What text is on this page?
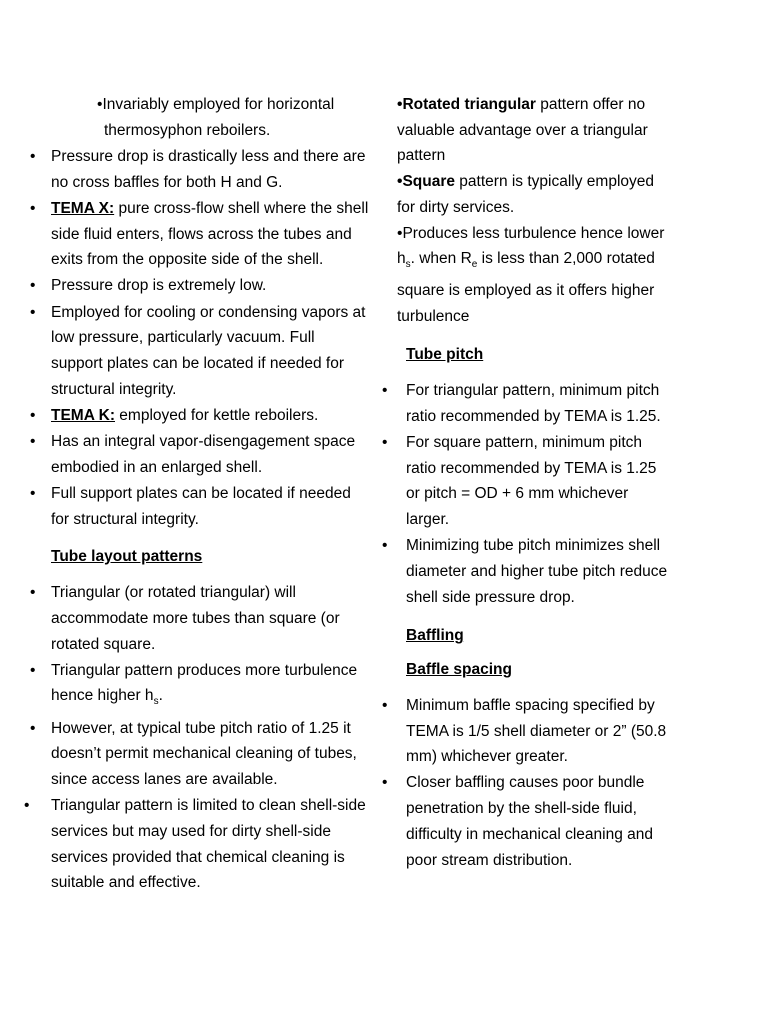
• Invariably employed for horizontal
thermosyphon reboilers.
• Pressure drop is drastically less and there are no cross baffles for both H and G.
• TEMA X: pure cross-flow shell where the shell side fluid enters, flows across the tubes and exits from the opposite side of the shell.
• Pressure drop is extremely low.
• Employed for cooling or condensing vapors at low pressure, particularly vacuum. Full support plates can be located if needed for structural integrity.
• TEMA K: employed for kettle reboilers.
• Has an integral vapor-disengagement space embodied in an enlarged shell.
• Full support plates can be located if needed for structural integrity.
Tube layout patterns
• Triangular (or rotated triangular) will accommodate more tubes than square (or rotated square.
• Triangular pattern produces more turbulence hence higher $h_s$.
• However, at typical tube pitch ratio of 1.25 it doesn’t permit mechanical cleaning of tubes, since access lanes are available.
• Triangular pattern is limited to clean shell-side services but may used for dirty shell-side services provided that chemical cleaning is suitable and effective.
• Rotated triangular pattern offer no valuable advantage over a triangular pattern
• Square pattern is typically employed for dirty services.
• Produces less turbulence hence lower $h_s$. when $R_e$ is less than 2,000 rotated square is employed as it offers higher turbulence
Tube pitch
• For triangular pattern, minimum pitch ratio recommended by TEMA is 1.25.
• For square pattern, minimum pitch ratio recommended by TEMA is 1.25 or pitch = OD + 6 mm whichever larger.
• Minimizing tube pitch minimizes shell diameter and higher tube pitch reduce shell side pressure drop.
Baffling
Baffle spacing
• Minimum baffle spacing specified by TEMA is 1/5 shell diameter or 2” (50.8 mm) whichever greater.
• Closer baffling causes poor bundle penetration by the shell-side fluid, difficulty in mechanical cleaning and poor stream distribution.
